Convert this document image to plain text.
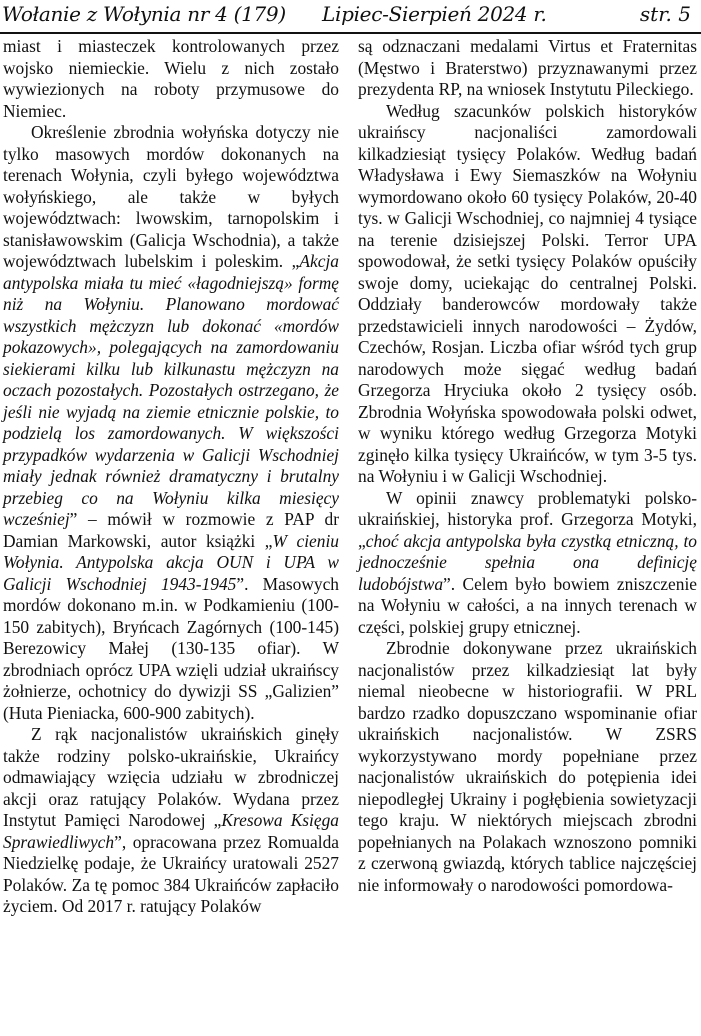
Wołanie z Wołynia nr 4 (179) Lipiec-Sierpień 2024 r.	str. 5

miast i miasteczek kontrolowanych przez wojsko niemieckie. Wielu z nich zostało wywiezionych na roboty przymusowe do Niemiec.

Określenie zbrodnia wołyńska dotyczy nie tylko masowych mordów dokonanych na terenach Wołynia, czyli byłego województwa wołyńskiego, ale także w byłych województwach: lwowskim, tarnopolskim i stanisławowskim (Galicja Wschodnia), a także województwach lubelskim i poleskim. „Akcja antypolska miała tu mieć «łagodniejszą» formę niż na Wołyniu. Planowano mordować wszystkich mężczyzn lub dokonać «mordów pokazowych», polegających na zamordowaniu siekierami kilku lub kilkunastu mężczyzn na oczach pozostałych. Pozostałych ostrzegano, że jeśli nie wyjadą na ziemie etnicznie polskie, to podzielą los zamordowanych. W większości przypadków wydarzenia w Galicji Wschodniej miały jednak również dramatyczny i brutalny przebieg co na Wołyniu kilka miesięcy wcześniej” – mówił w rozmowie z PAP dr Damian Markowski, autor książki „W cieniu Wołynia. Antypolska akcja OUN i UPA w Galicji Wschodniej 1943-1945”. Masowych mordów dokonano m.in. w Podkamieniu (100-150 zabitych), Bryńcach Zagórnych (100-145) Berezowicy Małej (130-135 ofiar). W zbrodniach oprócz UPA wzięli udział ukraińscy żołnierze, ochotnicy do dywizji SS „Galizien” (Huta Pieniacka, 600-900 zabitych).

Z rąk nacjonalistów ukraińskich ginęły także rodziny polsko-ukraińskie, Ukraińcy odmawiający wzięcia udziału w zbrodniczej akcji oraz ratujący Polaków. Wydana przez Instytut Pamięci Narodowej „Kresowa Księga Sprawiedliwych”, opracowana przez Romualda Niedzielkę podaje, że Ukraińcy uratowali 2527 Polaków. Za tę pomoc 384 Ukraińców zapłaciło życiem. Od 2017 r. ratujący Polaków

są odznaczani medalami Virtus et Fraternitas (Męstwo i Braterstwo) przyznawanymi przez prezydenta RP, na wniosek Instytutu Pileckiego.

Według szacunków polskich historyków ukraińscy nacjonaliści zamordowali kilkadziesiąt tysięcy Polaków. Według badań Władysława i Ewy Siemaszków na Wołyniu wymordowano około 60 tysięcy Polaków, 20-40 tys. w Galicji Wschodniej, co najmniej 4 tysiące na terenie dzisiejszej Polski. Terror UPA spowodował, że setki tysięcy Polaków opuściły swoje domy, uciekając do centralnej Polski. Oddziały banderowców mordowały także przedstawicieli innych narodowości – Żydów, Czechów, Rosjan. Liczba ofiar wśród tych grup narodowych może sięgać według badań Grzegorza Hryciuka około 2 tysięcy osób. Zbrodnia Wołyńska spowodowała polski odwet, w wyniku którego według Grzegorza Motyki zginęło kilka tysięcy Ukraińców, w tym 3-5 tys. na Wołyniu i w Galicji Wschodniej.

W opinii znawcy problematyki polsko-ukraińskiej, historyka prof. Grzegorza Motyki, „choć akcja antypolska była czystką etniczną, to jednocześnie spełnia ona definicję ludobójstwa”. Celem było bowiem zniszczenie na Wołyniu w całości, a na innych terenach w części, polskiej grupy etnicznej.

Zbrodnie dokonywane przez ukraińskich nacjonalistów przez kilkadziesiąt lat były niemal nieobecne w historiografii. W PRL bardzo rzadko dopuszczano wspominanie ofiar ukraińskich nacjonalistów. W ZSRS wykorzystywano mordy popełniane przez nacjonalistów ukraińskich do potępienia idei niepodległej Ukrainy i pogłębienia sowietyzacji tego kraju. W niektórych miejscach zbrodni popełnianych na Polakach wznoszono pomniki z czerwoną gwiazdą, których tablice najczęściej nie informowały o narodowości pomordowa-
